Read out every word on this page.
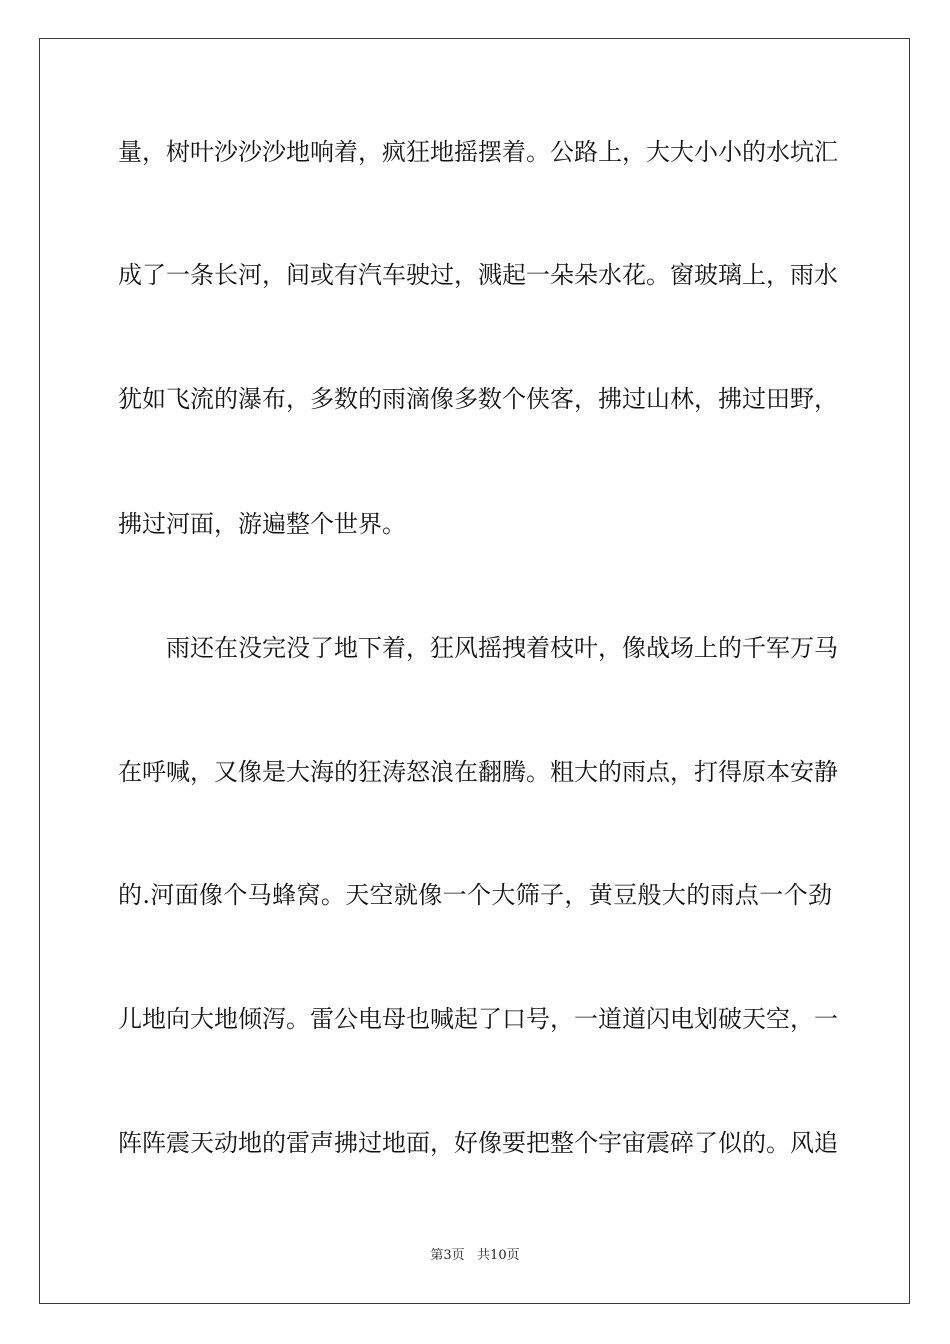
量，树叶沙沙沙地响着，疯狂地摇摆着。公路上，大大小小的水坑汇
成了一条长河，间或有汽车驶过，溅起一朵朵水花。窗玻璃上，雨水
犹如飞流的瀑布，多数的雨滴像多数个侠客，拂过山林，拂过田野，
拂过河面，游遍整个世界。
雨还在没完没了地下着，狂风摇拽着枝叶，像战场上的千军万马
在呼喊，又像是大海的狂涛怒浪在翻腾。粗大的雨点，打得原本安静
的.河面像个马蜂窝。天空就像一个大筛子，黄豆般大的雨点一个劲
儿地向大地倾泻。雷公电母也喊起了口号，一道道闪电划破天空，一
阵阵震天动地的雷声拂过地面，好像要把整个宇宙震碎了似的。风追
第3页   共10页
